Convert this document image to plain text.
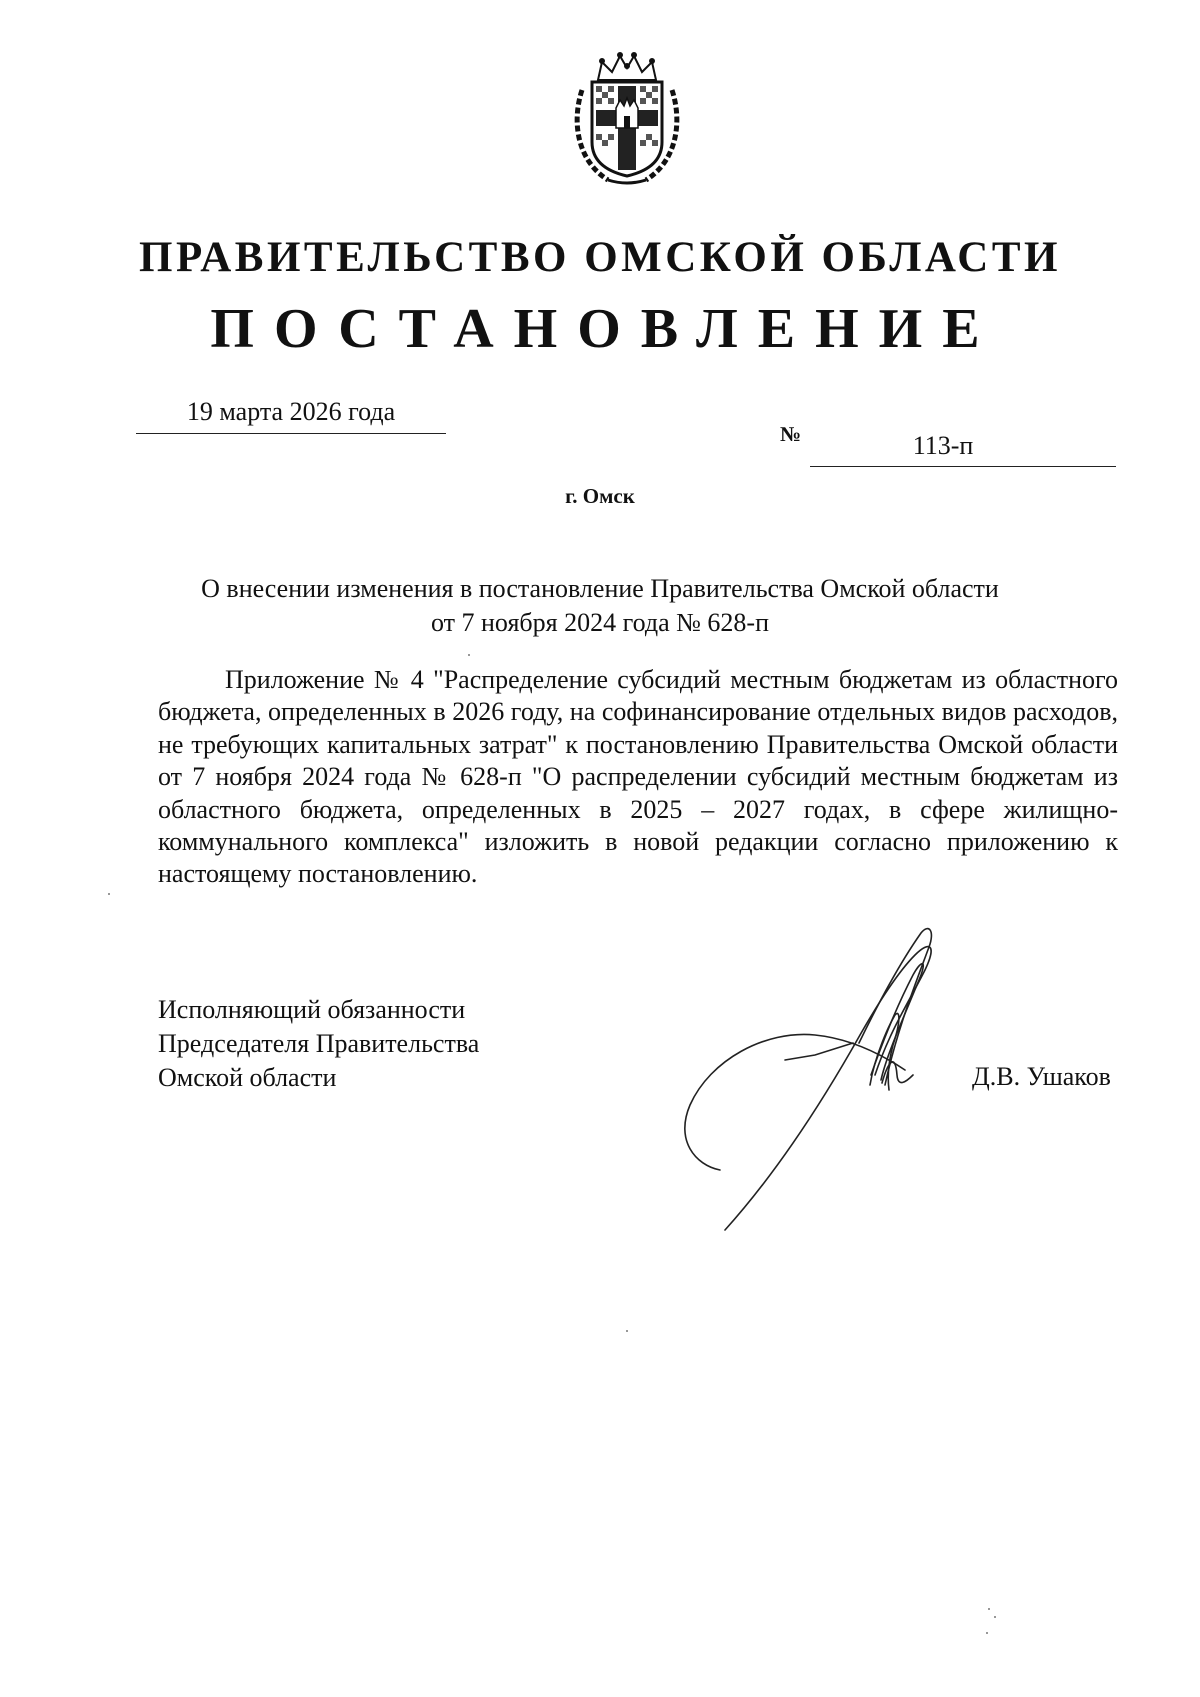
ПРАВИТЕЛЬСТВО ОМСКОЙ ОБЛАСТИ
ПОСТАНОВЛЕНИЕ
19 марта 2026 года
№	113-п
г. Омск
О внесении изменения в постановление Правительства Омской области
от 7 ноября 2024 года № 628-п

Приложение № 4 "Распределение субсидий местным бюджетам из областного бюджета, определенных в 2026 году, на софинансирование отдельных видов расходов, не требующих капитальных затрат" к постановлению Правительства Омской области от 7 ноября 2024 года № 628-п "О распределении субсидий местным бюджетам из областного бюджета, определенных в 2025 – 2027 годах, в сфере жилищно-коммунального комплекса" изложить в новой редакции согласно приложению к настоящему постановлению.

Исполняющий обязанности
Председателя Правительства
Омской области	Д.В. Ушаков
